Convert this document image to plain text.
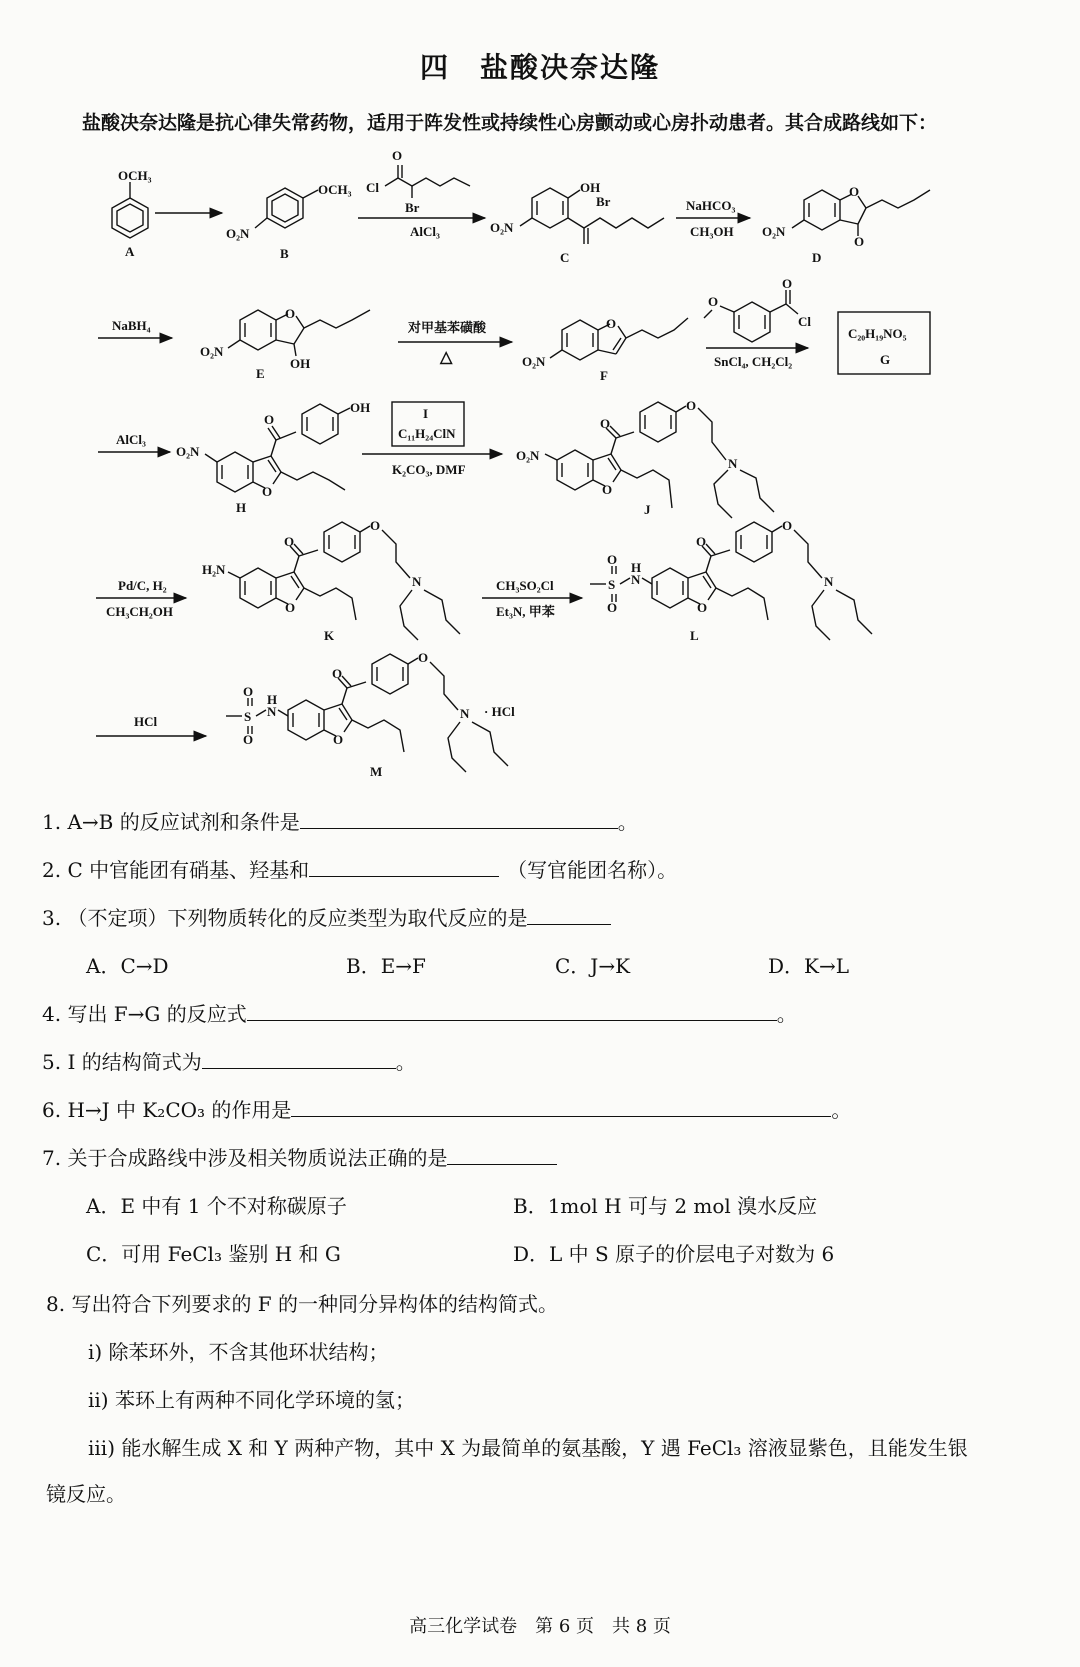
四　盐酸决奈达隆
盐酸决奈达隆是抗心律失常药物，适用于阵发性或持续性心房颤动或心房扑动患者。其合成路线如下：
OCH₃
A
OCH₃
O₂N
B
O
Cl
Br
AlCl₃
OH
Br
O₂N
C
NaHCO₃
CH₃OH
O
O
O₂N
D
NaBH₄
O
OH
O₂N
E
对甲基苯磺酸
△
O
O₂N
F
O
O
Cl
SnCl₄, CH₂Cl₂
C₂₀H₁₉NO₅
G
AlCl₃
O
OH
O
O₂N
H
I
C₁₁H₂₄ClN
K₂CO₃, DMF
O
O
O
N
O₂N
J
Pd/C, H₂
CH₃CH₂OH
O
O
O
N
H₂N
K
CH₃SO₂Cl
Et₃N, 甲苯
O
O
S
H
N
O
O
O
N
L
HCl
O
O
S
H
N
O
O
O
N · HCl
M
1. A→B 的反应试剂和条件是	。
2. C 中官能团有硝基、羟基和	（写官能团名称）。
3. （不定项）下列物质转化的反应类型为取代反应的是
A．C→D	B．E→F	C．J→K	D．K→L
4. 写出 F→G 的反应式	。
5. I 的结构简式为	。
6. H→J 中 K₂CO₃ 的作用是	。
7. 关于合成路线中涉及相关物质说法正确的是
A．E 中有 1 个不对称碳原子	B．1mol H 可与 2 mol 溴水反应
C．可用 FeCl₃ 鉴别 H 和 G	D．L 中 S 原子的价层电子对数为 6
8. 写出符合下列要求的 F 的一种同分异构体的结构简式。
i) 除苯环外，不含其他环状结构；
ii) 苯环上有两种不同化学环境的氢；
iii) 能水解生成 X 和 Y 两种产物，其中 X 为最简单的氨基酸，Y 遇 FeCl₃ 溶液显紫色，且能发生银
镜反应。
高三化学试卷 第 6 页 共 8 页
